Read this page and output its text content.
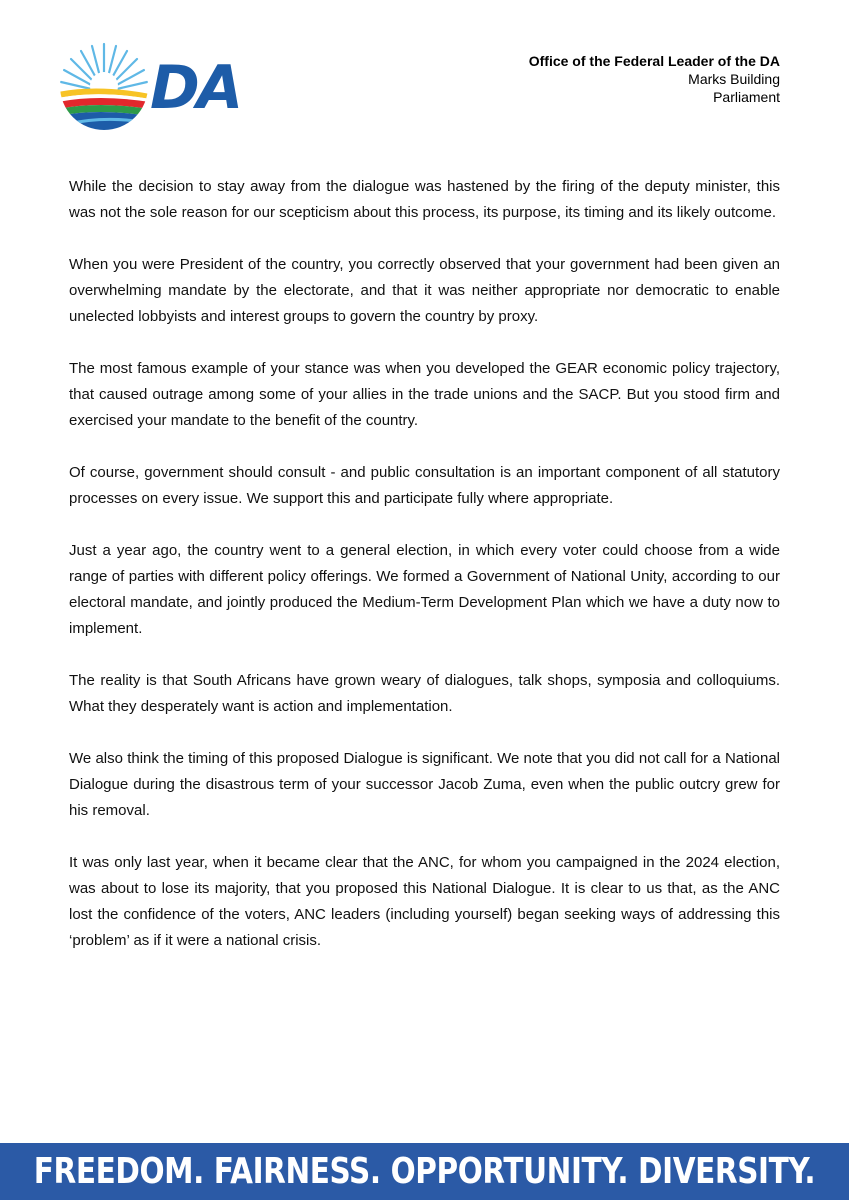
DA	Office of the Federal Leader of the DA
Marks Building
Parliament

While the decision to stay away from the dialogue was hastened by the firing of the deputy minister, this was not the sole reason for our scepticism about this process, its purpose, its timing and its likely outcome.

When you were President of the country, you correctly observed that your government had been given an overwhelming mandate by the electorate, and that it was neither appropriate nor democratic to enable unelected lobbyists and interest groups to govern the country by proxy.

The most famous example of your stance was when you developed the GEAR economic policy trajectory, that caused outrage among some of your allies in the trade unions and the SACP. But you stood firm and exercised your mandate to the benefit of the country.

Of course, government should consult - and public consultation is an important component of all statutory processes on every issue. We support this and participate fully where appropriate.

Just a year ago, the country went to a general election, in which every voter could choose from a wide range of parties with different policy offerings. We formed a Government of National Unity, according to our electoral mandate, and jointly produced the Medium-Term Development Plan which we have a duty now to implement.

The reality is that South Africans have grown weary of dialogues, talk shops, symposia and colloquiums. What they desperately want is action and implementation.

We also think the timing of this proposed Dialogue is significant. We note that you did not call for a National Dialogue during the disastrous term of your successor Jacob Zuma, even when the public outcry grew for his removal.

It was only last year, when it became clear that the ANC, for whom you campaigned in the 2024 election, was about to lose its majority, that you proposed this National Dialogue. It is clear to us that, as the ANC lost the confidence of the voters, ANC leaders (including yourself) began seeking ways of addressing this ‘problem’ as if it were a national crisis.

FREEDOM. FAIRNESS. OPPORTUNITY. DIVERSITY.
